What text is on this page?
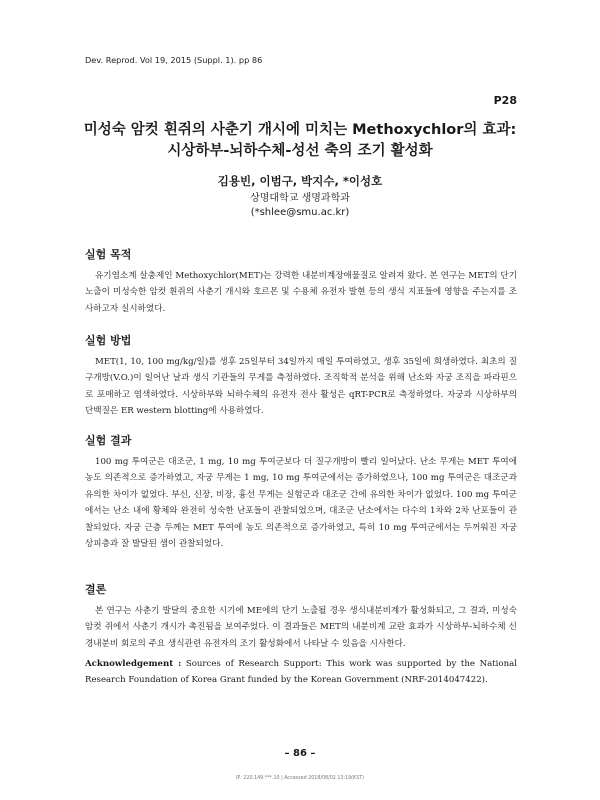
Dev. Reprod. Vol 19, 2015 (Suppl. 1). pp 86
P28
미성숙 암컷 흰쥐의 사춘기 개시에 미치는 Methoxychlor의 효과:
시상하부-뇌하수체-성선 축의 조기 활성화
김용빈, 이범구, 박지수, *이성호
상명대학교 생명과학과
(*shlee@smu.ac.kr)
실험 목적

유기염소계 살충제인 Methoxychlor(MET)는 강력한 내분비계장애물질로 알려져 왔다. 본 연구는 MET의 단기 노출이 미성숙한 암컷 흰쥐의 사춘기 개시와 호르몬 및 수용체 유전자 발현 등의 생식 지표들에 영향을 주는지를 조사하고자 실시하였다.

실험 방법

MET(1, 10, 100 mg/kg/일)를 생후 25일부터 34일까지 매일 투여하였고, 생후 35일에 희생하였다. 최초의 질구개방(V.O.)이 일어난 날과 생식 기관들의 무게를 측정하였다. 조직학적 분석을 위해 난소와 자궁 조직을 파라핀으로 포매하고 염색하였다. 시상하부와 뇌하수체의 유전자 전사 활성은 qRT-PCR로 측정하였다. 자궁과 시상하부의 단백질은 ER western blotting에 사용하였다.

실험 결과

100 mg 투여군은 대조군, 1 mg, 10 mg 투여군보다 더 질구개방이 빨리 일어났다. 난소 무게는 MET 투여에 농도 의존적으로 증가하였고, 자궁 무게는 1 mg, 10 mg 투여군에서는 증가하였으나, 100 mg 투여군은 대조군과 유의한 차이가 없었다. 부신, 신장, 비장, 흉선 무게는 실험군과 대조군 간에 유의한 차이가 없었다. 100 mg 투여군에서는 난소 내에 황체와 완전히 성숙한 난포들이 관찰되었으며, 대조군 난소에서는 다수의 1차와 2차 난포들이 관찰되었다. 자궁 근층 두께는 MET 투여에 농도 의존적으로 증가하였고, 특히 10 mg 투여군에서는 두꺼워진 자궁 상피층과 잘 발달된 샘이 관찰되었다.

결론

본 연구는 사춘기 발달의 중요한 시기에 ME에의 단기 노출될 경우 생식내분비계가 활성화되고, 그 결과, 미성숙 암컷 쥐에서 사춘기 개시가 촉진됨을 보여주었다. 이 결과들은 MET의 내분비계 교란 효과가 시상하부-뇌하수체 신경내분비 회로의 주요 생식관련 유전자의 조기 활성화에서 나타날 수 있음을 시사한다.

Acknowledgement : Sources of Research Support: This work was supported by the National Research Foundation of Korea Grant funded by the Korean Government (NRF-2014047422).
– 86 –
IP: 220.149.***.10 | Accessed 2018/08/02 13:19(KST)
